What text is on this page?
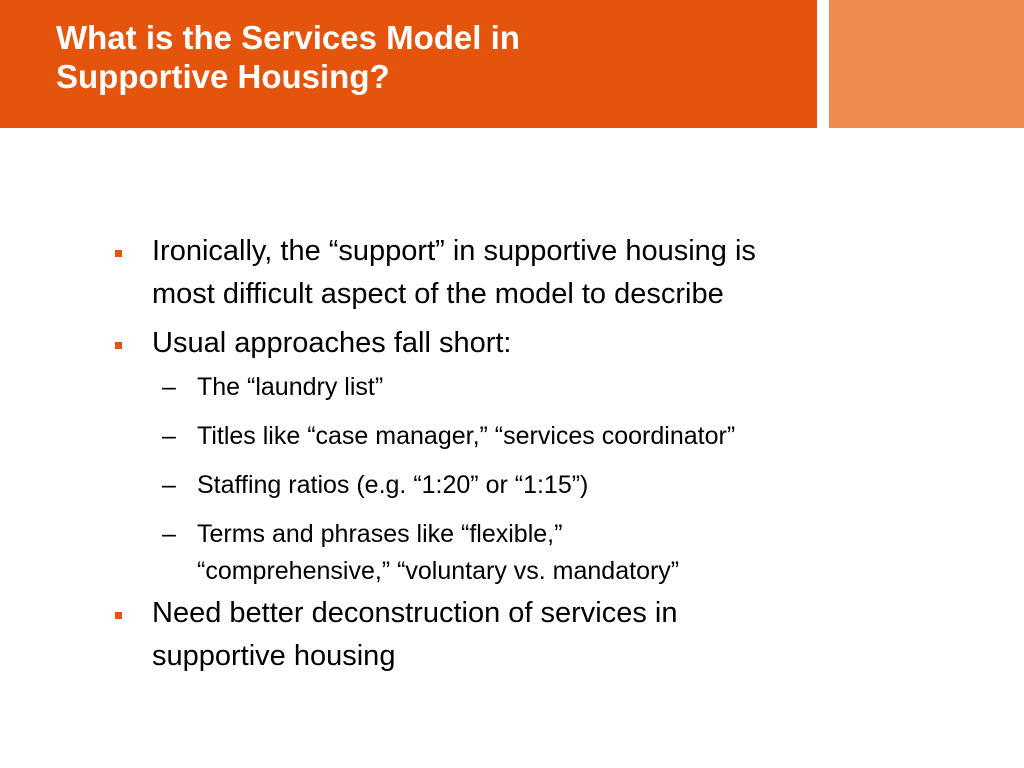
What is the Services Model in
Supportive Housing?
Ironically, the “support” in supportive housing is
most difficult aspect of the model to describe
Usual approaches fall short:
– The “laundry list”
– Titles like “case manager,” “services coordinator”
– Staffing ratios (e.g. “1:20” or “1:15”)
– Terms and phrases like “flexible,”
“comprehensive,” “voluntary vs. mandatory”
Need better deconstruction of services in
supportive housing
